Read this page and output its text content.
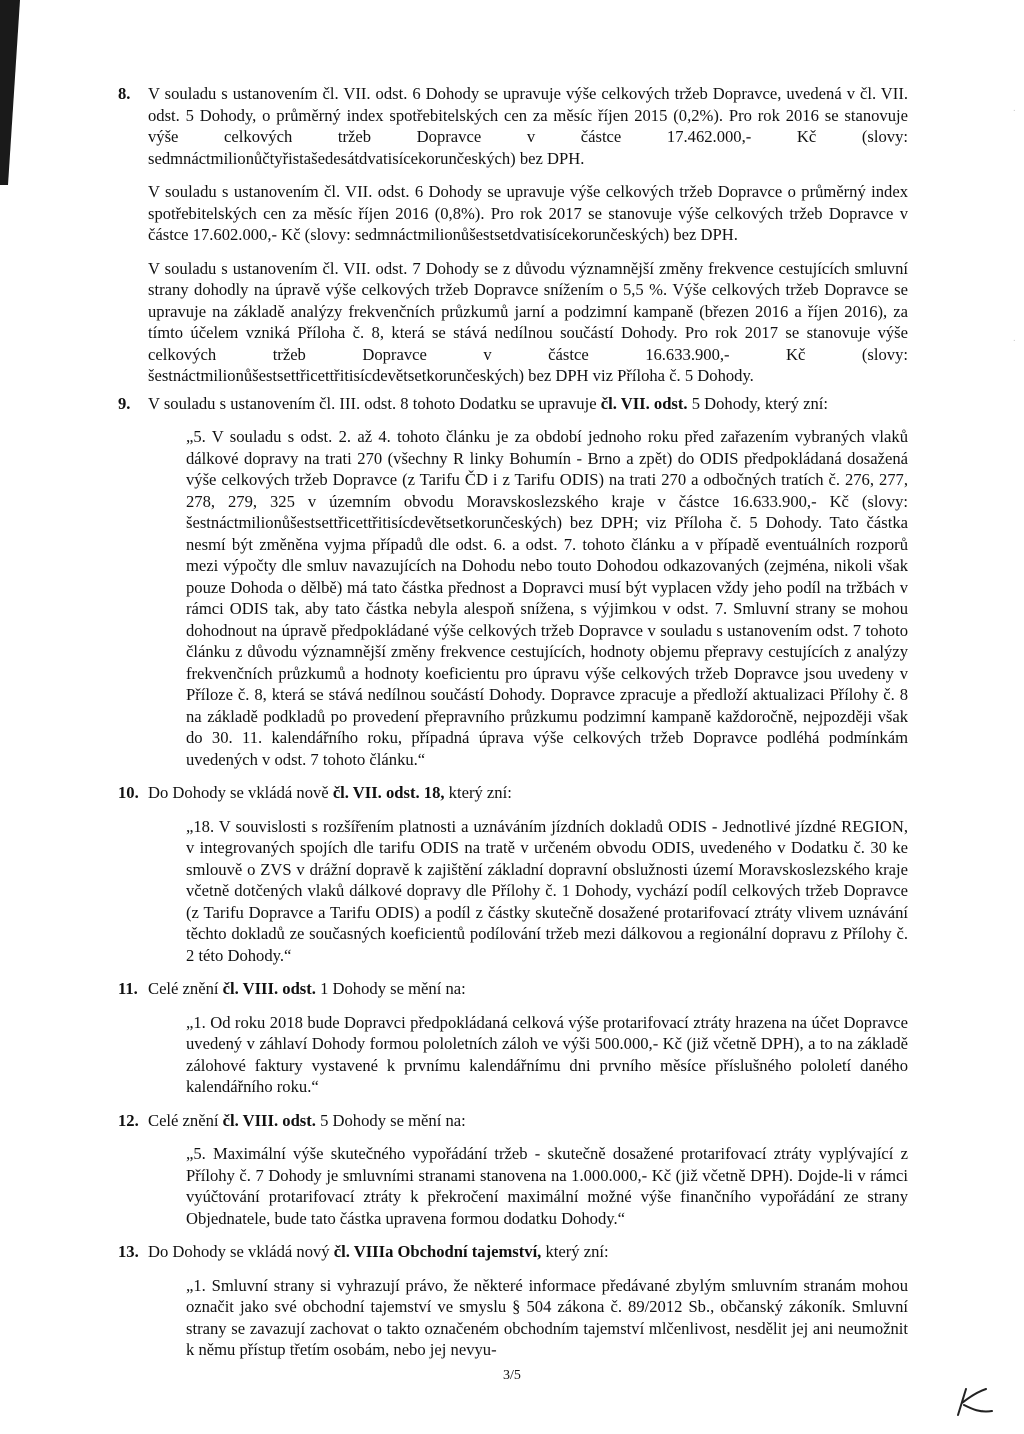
·
·
·
8.	V souladu s ustanovením čl. VII. odst. 6 Dohody se upravuje výše celkových tržeb Dopravce, uvedená v čl. VII. odst. 5 Dohody, o průměrný index spotřebitelských cen za měsíc říjen 2015 (0,2%). Pro rok 2016 se stanovuje výše celkových tržeb Dopravce v částce 17.462.000,- Kč (slovy: sedmnáctmilionůčtyřistašedesátdvatisícekorunčeských) bez DPH.

V souladu s ustanovením čl. VII. odst. 6 Dohody se upravuje výše celkových tržeb Dopravce o průměrný index spotřebitelských cen za měsíc říjen 2016 (0,8%). Pro rok 2017 se stanovuje výše celkových tržeb Dopravce v částce 17.602.000,- Kč (slovy: sedmnáctmilionůšestsetdvatisícekorunčeských) bez DPH.

V souladu s ustanovením čl. VII. odst. 7 Dohody se z důvodu významnější změny frekvence cestujících smluvní strany dohodly na úpravě výše celkových tržeb Dopravce snížením o 5,5 %. Výše celkových tržeb Dopravce se upravuje na základě analýzy frekvenčních průzkumů jarní a podzimní kampaně (březen 2016 a říjen 2016), za tímto účelem vzniká Příloha č. 8, která se stává nedílnou součástí Dohody. Pro rok 2017 se stanovuje výše celkových tržeb Dopravce v částce 16.633.900,- Kč (slovy: šestnáctmilionůšestsettřicettřitisícdevětsetkorunčeských) bez DPH viz Příloha č. 5 Dohody.

9.	V souladu s ustanovením čl. III. odst. 8 tohoto Dodatku se upravuje čl. VII. odst. 5 Dohody, který zní:

„5. V souladu s odst. 2. až 4. tohoto článku je za období jednoho roku před zařazením vybraných vlaků dálkové dopravy na trati 270 (všechny R linky Bohumín - Brno a zpět) do ODIS předpokládaná dosažená výše celkových tržeb Dopravce (z Tarifu ČD i z Tarifu ODIS) na trati 270 a odbočných tratích č. 276, 277, 278, 279, 325 v územním obvodu Moravskoslezského kraje v částce 16.633.900,- Kč (slovy: šestnáctmilionůšestsettřicettřitisícdevětsetkorunčeských) bez DPH; viz Příloha č. 5 Dohody. Tato částka nesmí být změněna vyjma případů dle odst. 6. a odst. 7. tohoto článku a v případě eventuálních rozporů mezi výpočty dle smluv navazujících na Dohodu nebo touto Dohodou odkazovaných (zejména, nikoli však pouze Dohoda o dělbě) má tato částka přednost a Dopravci musí být vyplacen vždy jeho podíl na tržbách v rámci ODIS tak, aby tato částka nebyla alespoň snížena, s výjimkou v odst. 7. Smluvní strany se mohou dohodnout na úpravě předpokládané výše celkových tržeb Dopravce v souladu s ustanovením odst. 7 tohoto článku z důvodu významnější změny frekvence cestujících, hodnoty objemu přepravy cestujících z analýzy frekvenčních průzkumů a hodnoty koeficientu pro úpravu výše celkových tržeb Dopravce jsou uvedeny v Příloze č. 8, která se stává nedílnou součástí Dohody. Dopravce zpracuje a předloží aktualizaci Přílohy č. 8 na základě podkladů po provedení přepravního průzkumu podzimní kampaně každoročně, nejpozději však do 30. 11. kalendářního roku, případná úprava výše celkových tržeb Dopravce podléhá podmínkám uvedených v odst. 7 tohoto článku.“

10. Do Dohody se vkládá nově čl. VII. odst. 18, který zní:

„18. V souvislosti s rozšířením platnosti a uznáváním jízdních dokladů ODIS - Jednotlivé jízdné REGION, v integrovaných spojích dle tarifu ODIS na tratě v určeném obvodu ODIS, uvedeného v Dodatku č. 30 ke smlouvě o ZVS v drážní dopravě k zajištění základní dopravní obslužnosti území Moravskoslezského kraje včetně dotčených vlaků dálkové dopravy dle Přílohy č. 1 Dohody, vychází podíl celkových tržeb Dopravce (z Tarifu Dopravce a Tarifu ODIS) a podíl z částky skutečně dosažené protarifovací ztráty vlivem uznávání těchto dokladů ze současných koeficientů podílování tržeb mezi dálkovou a regionální dopravu z Přílohy č. 2 této Dohody.“

11. Celé znění čl. VIII. odst. 1 Dohody se mění na:

„1. Od roku 2018 bude Dopravci předpokládaná celková výše protarifovací ztráty hrazena na účet Dopravce uvedený v záhlaví Dohody formou pololetních záloh ve výši 500.000,- Kč (již včetně DPH), a to na základě zálohové faktury vystavené k prvnímu kalendářnímu dni prvního měsíce příslušného pololetí daného kalendářního roku.“

12. Celé znění čl. VIII. odst. 5 Dohody se mění na:

„5. Maximální výše skutečného vypořádání tržeb - skutečně dosažené protarifovací ztráty vyplývající z Přílohy č. 7 Dohody je smluvními stranami stanovena na 1.000.000,- Kč (již včetně DPH). Dojde-li v rámci vyúčtování protarifovací ztráty k překročení maximální možné výše finančního vypořádání ze strany Objednatele, bude tato částka upravena formou dodatku Dohody.“

13. Do Dohody se vkládá nový čl. VIIIa Obchodní tajemství, který zní:

„1. Smluvní strany si vyhrazují právo, že některé informace předávané zbylým smluvním stranám mohou označit jako své obchodní tajemství ve smyslu § 504 zákona č. 89/2012 Sb., občanský zákoník. Smluvní strany se zavazují zachovat o takto označeném obchodním tajemství mlčenlivost, nesdělit jej ani neumožnit k němu přístup třetím osobám, nebo jej nevyu-

3/5
